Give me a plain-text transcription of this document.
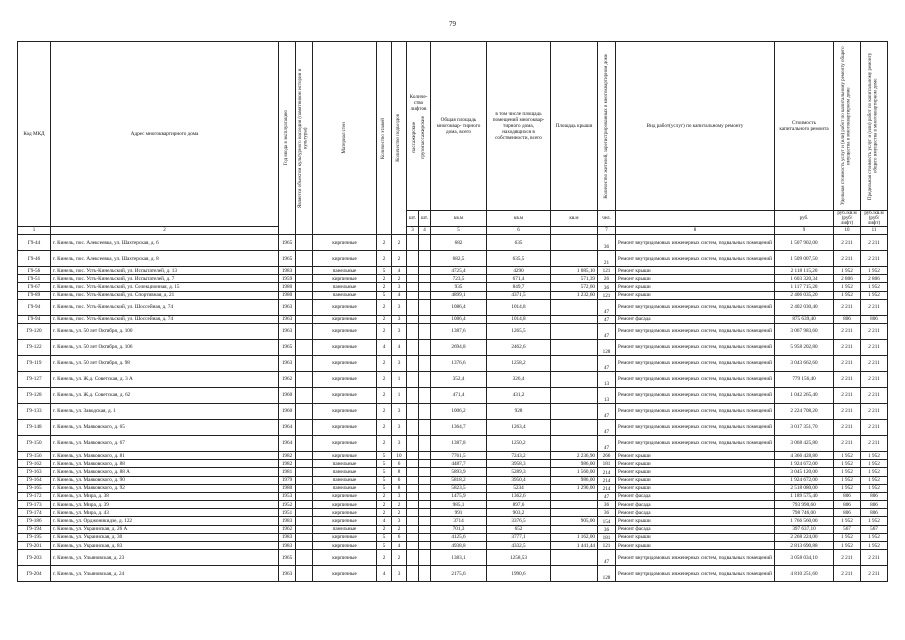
79
Код МКД	Адрес многоквартирного дома	Год ввода в эксплуатацию	Является объектом культурного наследия (памятником истории и культуры)	Материал стен	Количество этажей	Количество подъездов	Количе- ство лифтов
пассажирские грузопассажирские		Общая площадь многоквар- тирного дома, всего	в том числе площадь помещений многоквар- тирного дома, находящихся в собственности, всего	Площадь крыши	Количество жителей, зарегистрированных в многоквартирном доме	Вид работ(услуг) по капитальному ремонту	Стоимость капитального ремонта	Удельная стоимость услуг и (или) работ по капитальному ремонту общего имущества в многоквартирном доме	Предельная стоимость услуг и (или) работ по капитальному ремонту общего имущества в многоквартирном доме	

							шт.	шт.	кв.м	кв.м	кв.м	чел.		руб.	руб./кв.м (руб/лифт)	руб./кв.м (руб/лифт)	
1	2						3	4	5	6		7	8	9	10	11					
Г9-44	г. Кинель, пос. Алексеевка, ул. Шахтерская, д. 6	1965		кирпичные	2	2			682	635		36	Ремонт внутридомовых инженерных систем, подвальных помещений	1 507 902,00	2 211	2 211	
Г9-46	г. Кинель, пос. Алексеевка, ул. Шахтерская, д. 8	1965		кирпичные	2	2			682,5	635,5		21	Ремонт внутридомовых инженерных систем, подвальных помещений	1 509 007,50	2 211	2 211	
Г9-56	г. Кинель, пос. Усть-Кинельский, ул. Испытателей, д. 13	1983		панельные	5	4			4725,4	4290	1 085,10	121	Ремонт крыши	2 118 115,20	1 952	1 952	
Г9-51	г. Кинель, пос. Усть-Кинельский, ул. Испытателей, д. 7	1959		кирпичные	2	2			723,5	671,4	571,39	26	Ремонт крыши	1 603 320,34	2 806	2 806	
Г9-67	г. Кинель, пос. Усть-Кинельский, ул. Селекционная, д. 15	1980		панельные	2	3			935	849,7	572,60	36	Ремонт крыши	1 117 715,20	1 952	1 952	
Г9-89	г. Кинель, пос. Усть-Кинельский, ул. Спортивная, д. 21	1980		панельные	5	4			4899,1	4371,5	1 232,60	121	Ремонт крыши	2 406 035,20	1 952	1 952	
Г9-94	г. Кинель, пос. Усть-Кинельский, ул. Шоссейная, д. 74	1963		кирпичные	2	3			1086,4	1014,8		47	Ремонт внутридомовых инженерных систем, подвальных помещений	2 402 030,40	2 211	2 211	
Г9-94	г. Кинель, пос. Усть-Кинельский, ул. Шоссейная, д. 74	1963		кирпичные	2	3			1086,4	1014,8		47	Ремонт фасада	875 639,40	806	806	
Г9-120	г. Кинель, ул. 50 лет Октября, д. 100	1963		кирпичные	2	3			1387,6	1265,5		47	Ремонт внутридомовых инженерных систем, подвальных помещений	3 067 983,60	2 211	2 211	
Г9-122	г. Кинель, ул. 50 лет Октября, д. 106	1965		кирпичные	4	4			2694,8	2462,6		128	Ремонт внутридомовых инженерных систем, подвальных помещений	5 958 202,80	2 211	2 211	
Г9-119	г. Кинель, ул. 50 лет Октября, д. 98	1963		кирпичные	2	3			1376,6	1258,2		47	Ремонт внутридомовых инженерных систем, подвальных помещений	3 043 662,60	2 211	2 211	
Г9-127	г. Кинель, ул. Ж.д. Советская, д. 3 А	1962		кирпичные	2	1			352,4	326,4		13	Ремонт внутридомовых инженерных систем, подвальных помещений	779 156,40	2 211	2 211	
Г9-128	г. Кинель, ул. Ж.д. Советская, д. 62	1960		кирпичные	2	1			471,4	431,2		13	Ремонт внутридомовых инженерных систем, подвальных помещений	1 042 265,40	2 211	2 211	
Г9-133	г. Кинель, ул. Заводская, д. 1	1960		кирпичные	2	3			1006,2	928		47	Ремонт внутридомовых инженерных систем, подвальных помещений	2 224 708,20	2 211	2 211	
Г9-148	г. Кинель, ул. Маяковского, д. 65	1964		кирпичные	2	3			1364,7	1263,4		47	Ремонт внутридомовых инженерных систем, подвальных помещений	3 017 351,70	2 211	2 211	
Г9-150	г. Кинель, ул. Маяковского, д. 67	1964		кирпичные	2	3			1387,8	1250,2		47	Ремонт внутридомовых инженерных систем, подвальных помещений	3 068 425,80	2 211	2 211	
Г9-156	г. Кинель, ул. Маяковского, д. 81	1982		кирпичные	5	10			7761,5	7243,2	2 236,90	266	Ремонт крыши	4 366 428,80	1 952	1 952	
Г9-162	г. Кинель, ул. Маяковского, д. 88	1982		панельные	5	6			4487,7	3958,3	986,00	181	Ремонт крыши	1 924 672,00	1 952	1 952	
Г9-163	г. Кинель, ул. Маяковского, д. 88 А	1981		панельные	5	8			5893,9	5289,3	1 560,00	214	Ремонт крыши	3 045 120,00	1 952	1 952	
Г9-164	г. Кинель, ул. Маяковского, д. 90	1979		панельные	5	6			5818,2	3950,4	986,00	214	Ремонт крыши	1 924 672,00	1 952	1 952	
Г9-165	г. Кинель, ул. Маяковского, д. 92	1980		панельные	5	8			5823,5	5234	1 290,00	214	Ремонт крыши	2 518 080,00	1 952	1 952	
Г9-172	г. Кинель, ул. Мира, д. 38	1953		кирпичные	2	3			1475,9	1362,6		47	Ремонт фасада	1 189 575,40	806	806	
Г9-173	г. Кинель, ул. Мира, д. 39	1952		кирпичные	2	2			985,1	897,6		36	Ремонт фасада	793 990,60	806	806	
Г9-174	г. Кинель, ул. Мира, д. 43	1951		кирпичные	2	2			991	903,2		36	Ремонт фасада	798 746,00	806	806	
Г9-186	г. Кинель, ул. Орджоникидзе, д. 122	1983		кирпичные	4	3			3714	3376,5	905,00	154	Ремонт крыши	1 766 560,00	1 952	1 952	
Г9-194	г. Кинель, ул. Украинская, д. 26 А	1962		панельные	2	2			701,3	652		36	Ремонт фасада	397 637,10	567	567	
Г9-195	г. Кинель, ул. Украинская, д. 30	1983		кирпичные	5	6			4125,6	3777,1	1 162,00	181	Ремонт крыши	2 268 224,00	1 952	1 952	
Г9-201	г. Кинель, ул. Украинская, д. 83	1983		кирпичные	5	4			4938,8	4332,5	1 441,44	121	Ремонт крыши	2 813 690,88	1 952	1 952	
Г9-203	г. Кинель, ул. Ульяновская, д. 23	1965		кирпичные	2	2			1383,1	1258,53		47	Ремонт внутридомовых инженерных систем, подвальных помещений	3 058 034,10	2 211	2 211	
Г9-204	г. Кинель, ул. Ульяновская, д. 24	1963		кирпичные	4	3			2175,6	1990,6		128	Ремонт внутридомовых инженерных систем, подвальных помещений	4 810 251,60	2 211	2 211	
